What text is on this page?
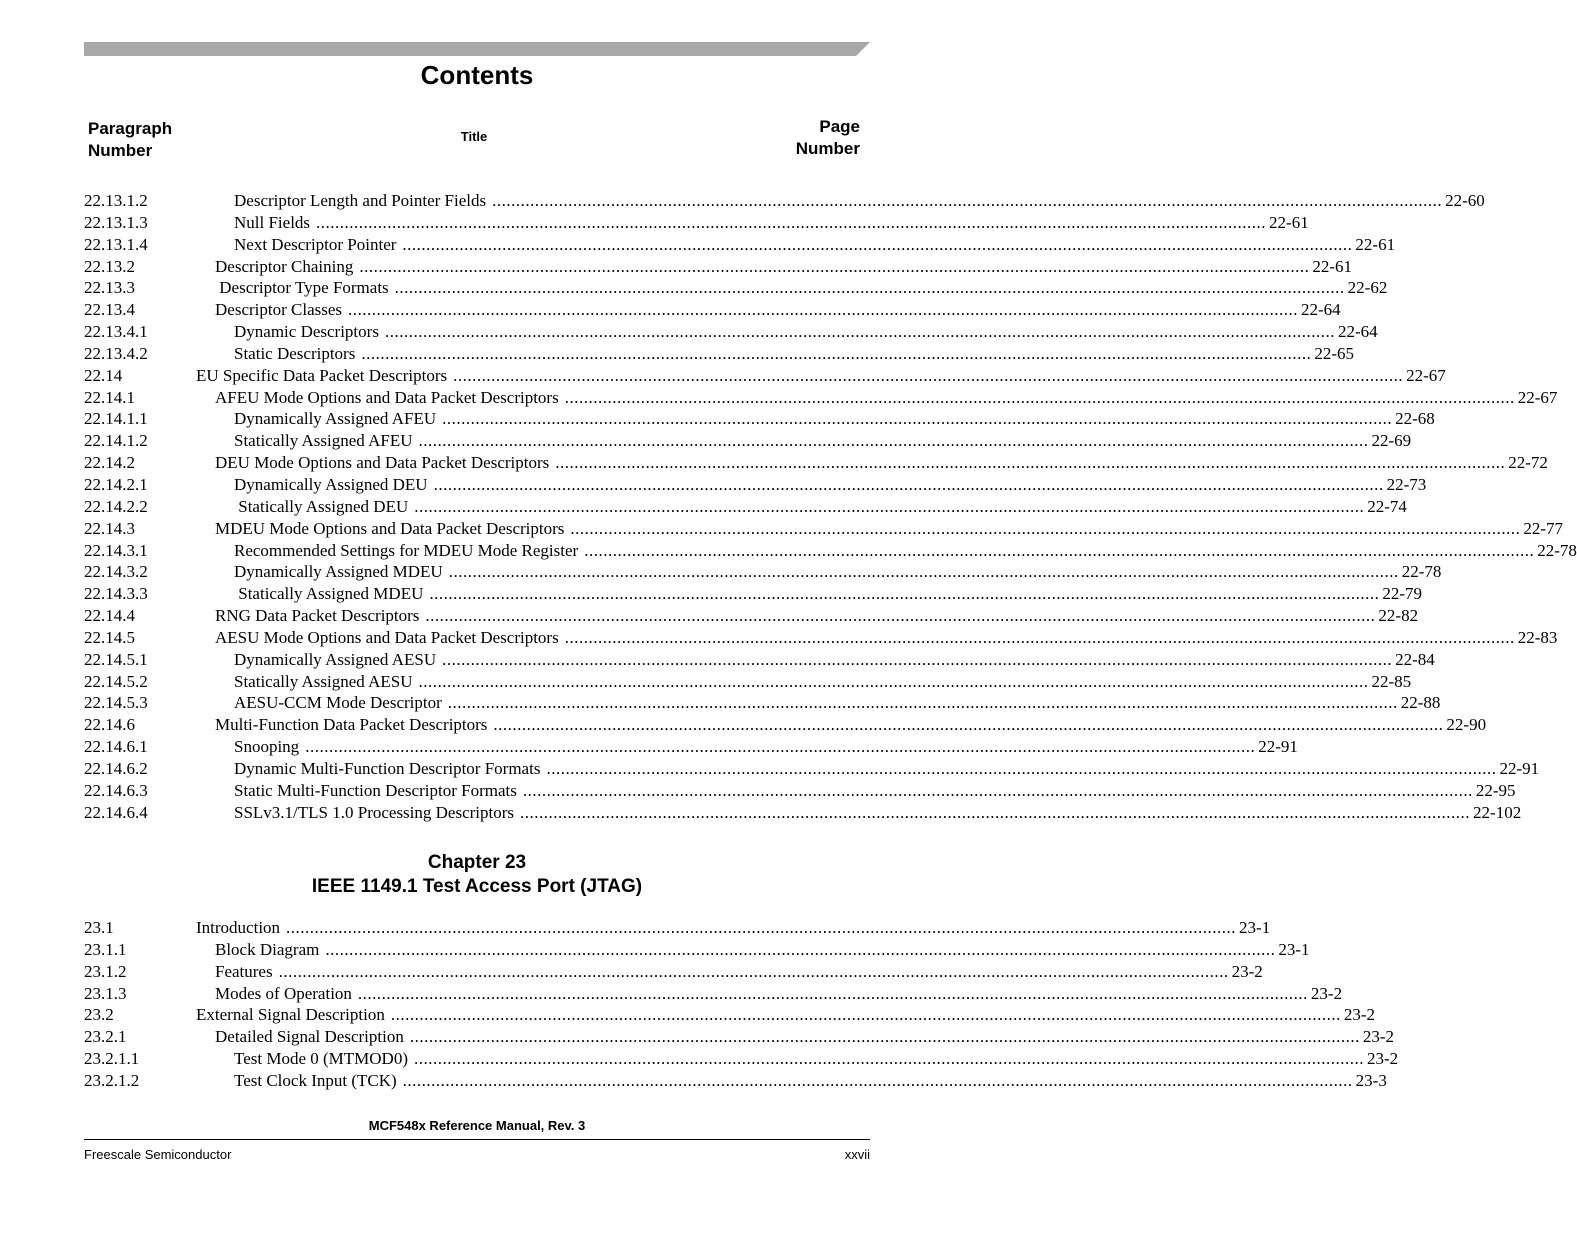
Contents
Paragraph
Number
Title
Page
Number
22.13.1.2	Descriptor Length and Pointer Fields ........................................................................................................................................................................................................ 22-60
22.13.1.3	Null Fields ........................................................................................................................................................................................................ 22-61
22.13.1.4	Next Descriptor Pointer ........................................................................................................................................................................................................ 22-61
22.13.2	Descriptor Chaining ........................................................................................................................................................................................................ 22-61
22.13.3	Descriptor Type Formats ........................................................................................................................................................................................................ 22-62
22.13.4	Descriptor Classes ........................................................................................................................................................................................................ 22-64
22.13.4.1	Dynamic Descriptors ........................................................................................................................................................................................................ 22-64
22.13.4.2	Static Descriptors ........................................................................................................................................................................................................ 22-65
22.14	EU Specific Data Packet Descriptors ........................................................................................................................................................................................................ 22-67
22.14.1	AFEU Mode Options and Data Packet Descriptors ........................................................................................................................................................................................................ 22-67
22.14.1.1	Dynamically Assigned AFEU ........................................................................................................................................................................................................ 22-68
22.14.1.2	Statically Assigned AFEU ........................................................................................................................................................................................................ 22-69
22.14.2	DEU Mode Options and Data Packet Descriptors ........................................................................................................................................................................................................ 22-72
22.14.2.1	Dynamically Assigned DEU ........................................................................................................................................................................................................ 22-73
22.14.2.2	Statically Assigned DEU ........................................................................................................................................................................................................ 22-74
22.14.3	MDEU Mode Options and Data Packet Descriptors ........................................................................................................................................................................................................ 22-77
22.14.3.1	Recommended Settings for MDEU Mode Register ........................................................................................................................................................................................................ 22-78
22.14.3.2	Dynamically Assigned MDEU ........................................................................................................................................................................................................ 22-78
22.14.3.3	Statically Assigned MDEU ........................................................................................................................................................................................................ 22-79
22.14.4	RNG Data Packet Descriptors ........................................................................................................................................................................................................ 22-82
22.14.5	AESU Mode Options and Data Packet Descriptors ........................................................................................................................................................................................................ 22-83
22.14.5.1	Dynamically Assigned AESU ........................................................................................................................................................................................................ 22-84
22.14.5.2	Statically Assigned AESU ........................................................................................................................................................................................................ 22-85
22.14.5.3	AESU-CCM Mode Descriptor ........................................................................................................................................................................................................ 22-88
22.14.6	Multi-Function Data Packet Descriptors ........................................................................................................................................................................................................ 22-90
22.14.6.1	Snooping ........................................................................................................................................................................................................ 22-91
22.14.6.2	Dynamic Multi-Function Descriptor Formats ........................................................................................................................................................................................................ 22-91
22.14.6.3	Static Multi-Function Descriptor Formats ........................................................................................................................................................................................................ 22-95
22.14.6.4	SSLv3.1/TLS 1.0 Processing Descriptors ........................................................................................................................................................................................................ 22-102
Chapter 23
IEEE 1149.1 Test Access Port (JTAG)
23.1	Introduction ........................................................................................................................................................................................................ 23-1
23.1.1	Block Diagram ........................................................................................................................................................................................................ 23-1
23.1.2	Features ........................................................................................................................................................................................................ 23-2
23.1.3	Modes of Operation ........................................................................................................................................................................................................ 23-2
23.2	External Signal Description ........................................................................................................................................................................................................ 23-2
23.2.1	Detailed Signal Description ........................................................................................................................................................................................................ 23-2
23.2.1.1	Test Mode 0 (MTMOD0) ........................................................................................................................................................................................................ 23-2
23.2.1.2	Test Clock Input (TCK) ........................................................................................................................................................................................................ 23-3
MCF548x Reference Manual, Rev. 3
Freescale Semiconductor	xxvii
